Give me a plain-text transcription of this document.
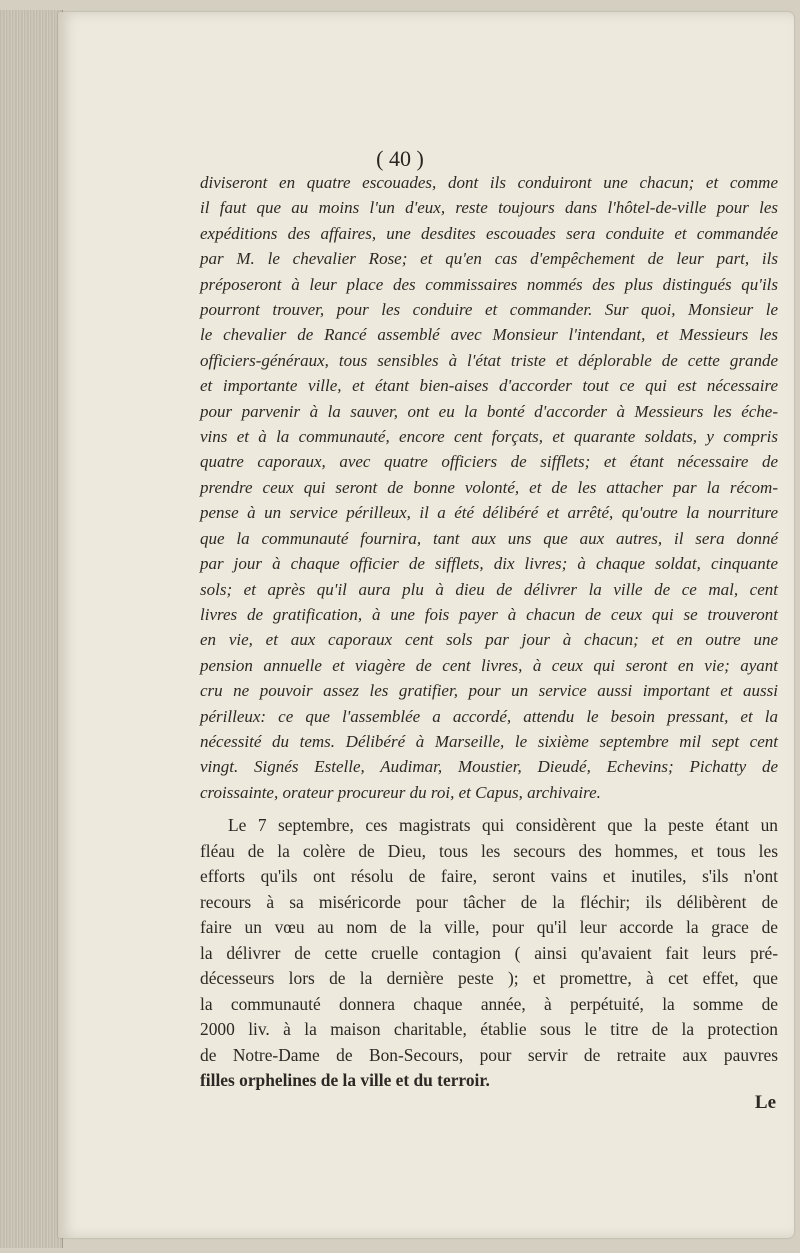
( 40 )

diviseront en quatre escouades, dont ils conduiront une chacun; et comme

il faut que au moins l'un d'eux, reste toujours dans l'hôtel-de-ville pour les

expéditions des affaires, une desdites escouades sera conduite et commandée

par M. le chevalier Rose; et qu'en cas d'empêchement de leur part, ils

préposeront à leur place des commissaires nommés des plus distingués qu'ils

pourront trouver, pour les conduire et commander. Sur quoi, Monsieur le

le chevalier de Rancé assemblé avec Monsieur l'intendant, et Messieurs les

officiers-généraux, tous sensibles à l'état triste et déplorable de cette grande

et importante ville, et étant bien-aises d'accorder tout ce qui est nécessaire

pour parvenir à la sauver, ont eu la bonté d'accorder à Messieurs les éche-

vins et à la communauté, encore cent forçats, et quarante soldats, y compris

quatre caporaux, avec quatre officiers de sifflets; et étant nécessaire de

prendre ceux qui seront de bonne volonté, et de les attacher par la récom-

pense à un service périlleux, il a été délibéré et arrêté, qu'outre la nourriture

que la communauté fournira, tant aux uns que aux autres, il sera donné

par jour à chaque officier de sifflets, dix livres; à chaque soldat, cinquante

sols; et après qu'il aura plu à dieu de délivrer la ville de ce mal, cent

livres de gratification, à une fois payer à chacun de ceux qui se trouveront

en vie, et aux caporaux cent sols par jour à chacun; et en outre une

pension annuelle et viagère de cent livres, à ceux qui seront en vie; ayant

cru ne pouvoir assez les gratifier, pour un service aussi important et aussi

périlleux: ce que l'assemblée a accordé, attendu le besoin pressant, et la

nécessité du tems. Délibéré à Marseille, le sixième septembre mil sept cent

vingt. Signés Estelle, Audimar, Moustier, Dieudé, Echevins; Pichatty de

croissainte, orateur procureur du roi, et Capus, archivaire.

Le 7 septembre, ces magistrats qui considèrent que la peste étant un

fléau de la colère de Dieu, tous les secours des hommes, et tous les

efforts qu'ils ont résolu de faire, seront vains et inutiles, s'ils n'ont

recours à sa miséricorde pour tâcher de la fléchir; ils délibèrent de

faire un vœu au nom de la ville, pour qu'il leur accorde la grace de

la délivrer de cette cruelle contagion ( ainsi qu'avaient fait leurs pré-

décesseurs lors de la dernière peste ); et promettre, à cet effet, que

la communauté donnera chaque année, à perpétuité, la somme de

2000 liv. à la maison charitable, établie sous le titre de la protection

de Notre-Dame de Bon-Secours, pour servir de retraite aux pauvres

filles orphelines de la ville et du terroir.

Le
